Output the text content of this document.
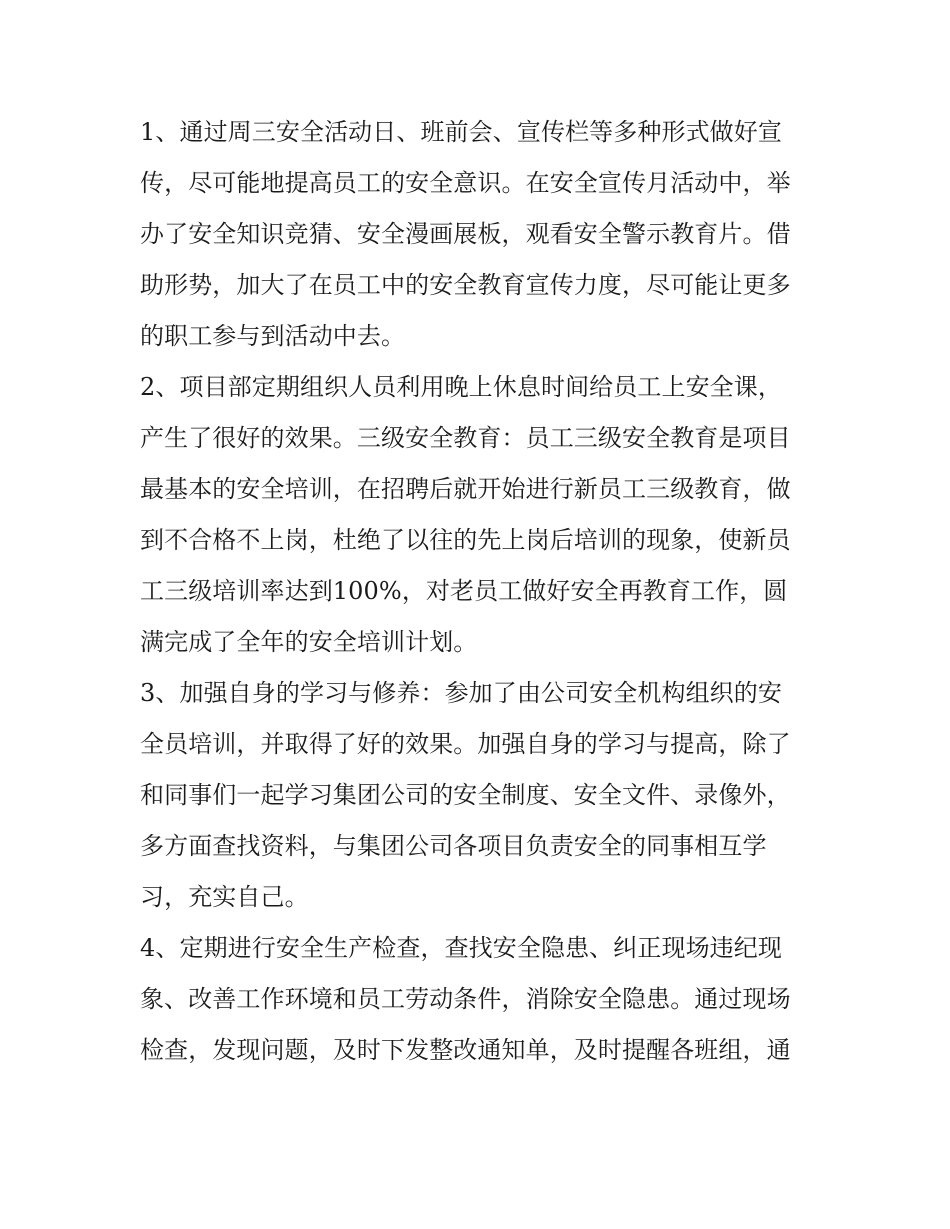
1、通过周三安全活动日、班前会、宣传栏等多种形式做好宣
传，尽可能地提高员工的安全意识。在安全宣传月活动中，举
办了安全知识竞猜、安全漫画展板，观看安全警示教育片。借
助形势，加大了在员工中的安全教育宣传力度，尽可能让更多
的职工参与到活动中去。
2、项目部定期组织人员利用晚上休息时间给员工上安全课，
产生了很好的效果。三级安全教育：员工三级安全教育是项目
最基本的安全培训，在招聘后就开始进行新员工三级教育，做
到不合格不上岗，杜绝了以往的先上岗后培训的现象，使新员
工三级培训率达到100%，对老员工做好安全再教育工作，圆
满完成了全年的安全培训计划。
3、加强自身的学习与修养：参加了由公司安全机构组织的安
全员培训，并取得了好的效果。加强自身的学习与提高，除了
和同事们一起学习集团公司的安全制度、安全文件、录像外，
多方面查找资料，与集团公司各项目负责安全的同事相互学
习，充实自己。
4、定期进行安全生产检查，查找安全隐患、纠正现场违纪现
象、改善工作环境和员工劳动条件，消除安全隐患。通过现场
检查，发现问题，及时下发整改通知单，及时提醒各班组，通
